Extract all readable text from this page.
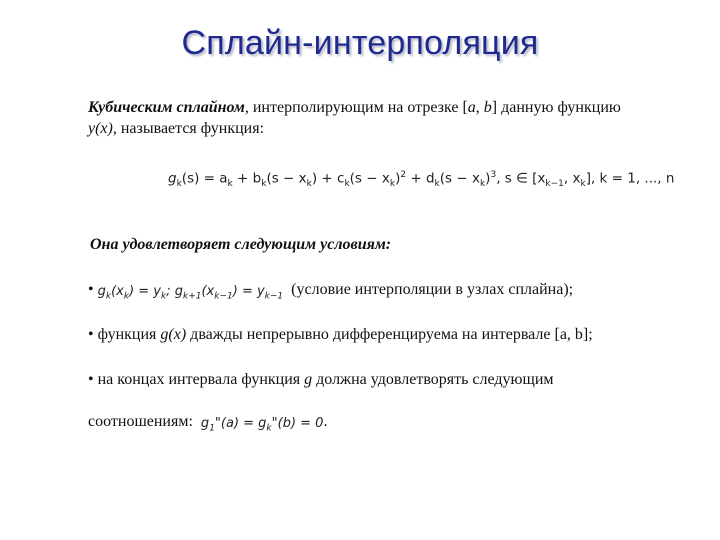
Сплайн-интерполяция
Кубическим сплайном, интерполирующим на отрезке [a, b] данную функцию y(x), называется функция:
$g_k(s) = a_k + b_k(s - x_k) + c_k(s - x_k)^2 + d_k(s - x_k)^3$, s ∈ [$x_{k-1}$, $x_k$], k = 1, ..., n
Она удовлетворяет следующим условиям:
• $g_k(x_k) = y_k$; $g_{k+1}(x_{k-1}) = y_{k-1}$ (условие интерполяции в узлах сплайна);
• функция g(x) дважды непрерывно дифференцируема на интервале [a, b];
• на концах интервала функция g должна удовлетворять следующим
соотношениям: $g_1"(a)$ = $g_k"(b) = 0$.
